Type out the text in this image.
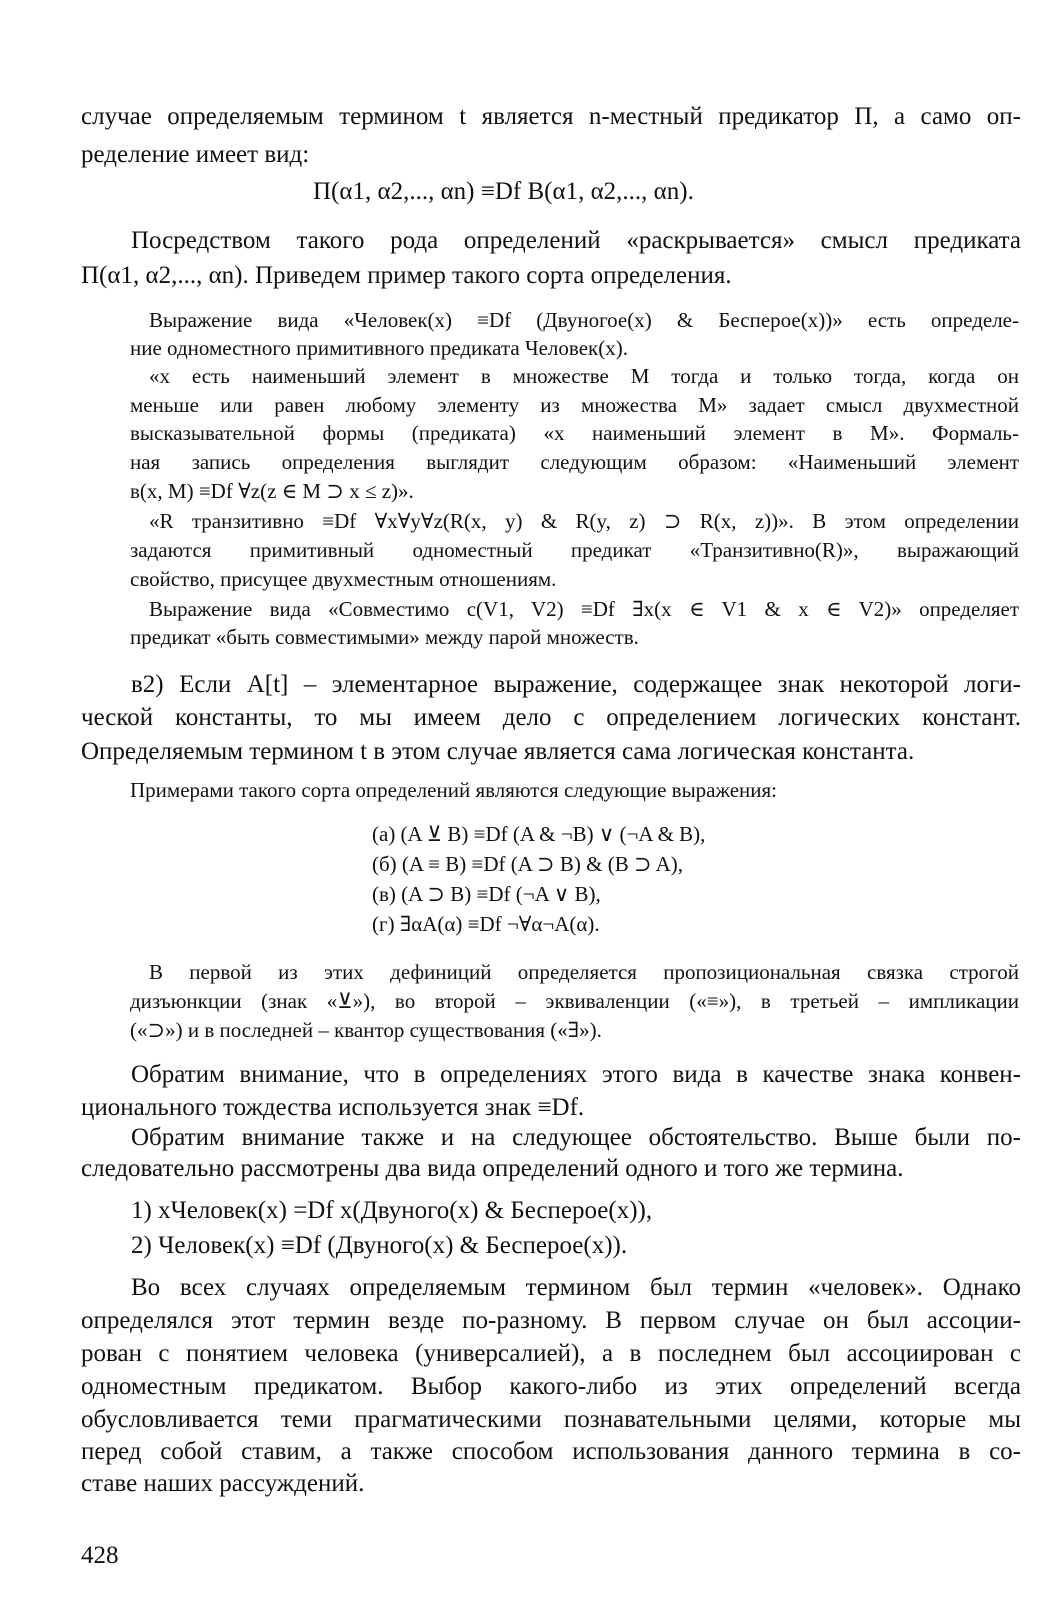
случае определяемым термином t является n-местный предикатор П, а само оп-
ределение имеет вид:
П(α1, α2,..., αn) ≡Df B(α1, α2,..., αn).
Посредством такого рода определений «раскрывается» смысл предиката
П(α1, α2,..., αn). Приведем пример такого сорта определения.
Выражение вида «Человек(x) ≡Df (Двуногое(x) & Бесперое(x))» есть определе-
ние одноместного примитивного предиката Человек(x).
«x есть наименьший элемент в множестве M тогда и только тогда, когда он
меньше или равен любому элементу из множества M» задает смысл двухместной
высказывательной формы (предиката) «x наименьший элемент в M». Формаль-
ная запись определения выглядит следующим образом: «Наименьший элемент
в(x, M) ≡Df ∀z(z ∈ M ⊃ x ≤ z)».
«R транзитивно ≡Df ∀x∀y∀z(R(x, y) & R(y, z) ⊃ R(x, z))». В этом определении
задаются примитивный одноместный предикат «Транзитивно(R)», выражающий
свойство, присущее двухместным отношениям.
Выражение вида «Совместимо с(V1, V2) ≡Df ∃x(x ∈ V1 & x ∈ V2)» определяет
предикат «быть совместимыми» между парой множеств.
в2) Если A[t] – элементарное выражение, содержащее знак некоторой логи-
ческой константы, то мы имеем дело с определением логических констант.
Определяемым термином t в этом случае является сама логическая константа.
Примерами такого сорта определений являются следующие выражения:
(а) (A ⊻ B) ≡Df (A & ¬B) ∨ (¬A & B),
(б) (A ≡ B) ≡Df (A ⊃ B) & (B ⊃ A),
(в) (A ⊃ B) ≡Df (¬A ∨ B),
(г) ∃αA(α) ≡Df ¬∀α¬A(α).
В первой из этих дефиниций определяется пропозициональная связка строгой
дизъюнкции (знак «⊻»), во второй – эквиваленции («≡»), в третьей – импликации
(«⊃») и в последней – квантор существования («∃»).
Обратим внимание, что в определениях этого вида в качестве знака конвен-
ционального тождества используется знак ≡Df.
Обратим внимание также и на следующее обстоятельство. Выше были по-
следовательно рассмотрены два вида определений одного и того же термина.
1) xЧеловек(x) =Df x(Двуного(x) & Бесперое(x)),
2) Человек(x) ≡Df (Двуного(x) & Бесперое(x)).
Во всех случаях определяемым термином был термин «человек». Однако
определялся этот термин везде по-разному. В первом случае он был ассоции-
рован с понятием человека (универсалией), а в последнем был ассоциирован с
одноместным предикатом. Выбор какого-либо из этих определений всегда
обусловливается теми прагматическими познавательными целями, которые мы
перед собой ставим, а также способом использования данного термина в со-
ставе наших рассуждений.
428
